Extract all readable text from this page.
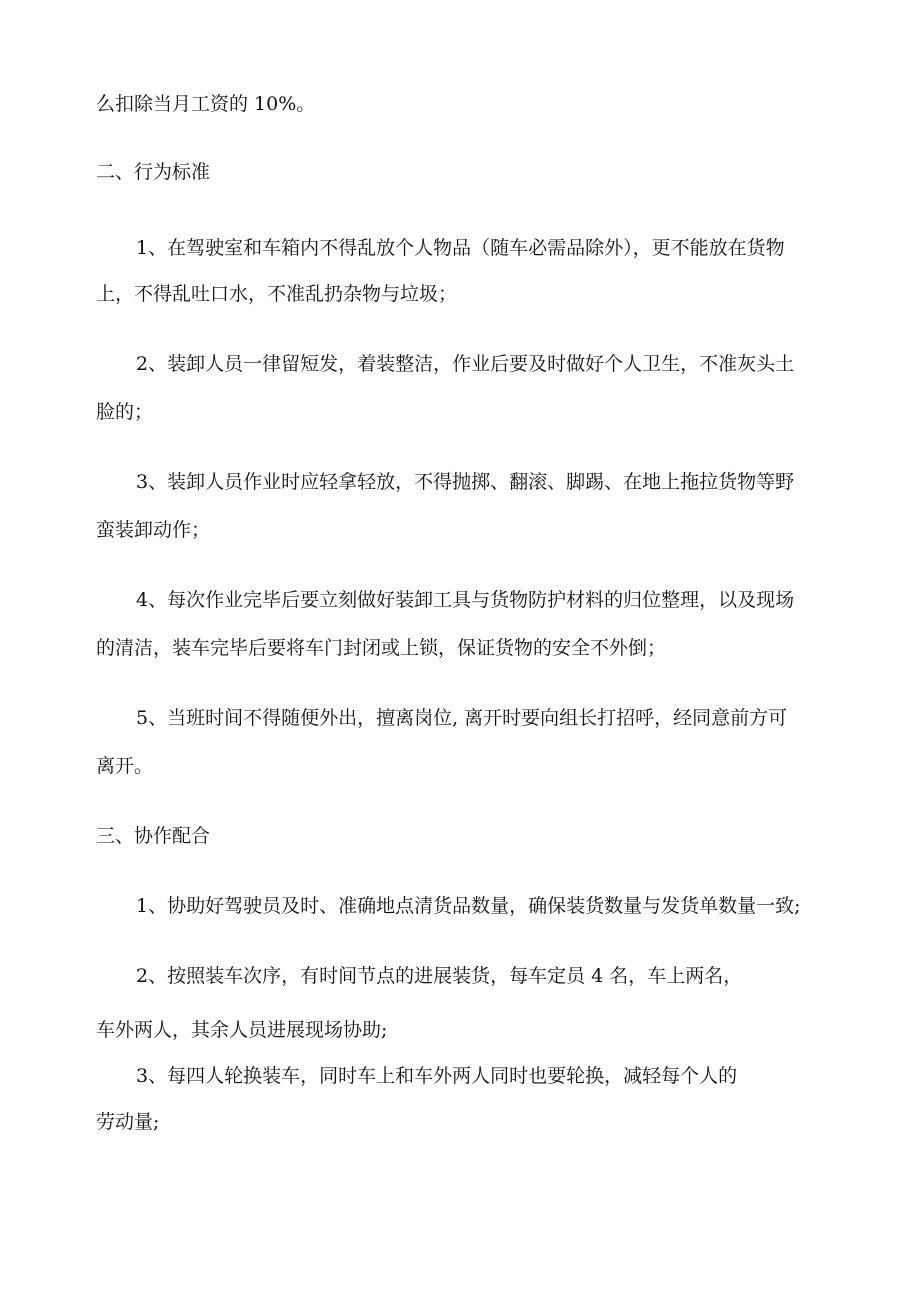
么扣除当月工资的 10%。

二、行为标准

1、在驾驶室和车箱内不得乱放个人物品（随车必需品除外），更不能放在货物

上，不得乱吐口水，不准乱扔杂物与垃圾；

2、装卸人员一律留短发，着装整洁，作业后要及时做好个人卫生，不准灰头土

脸的；

3、装卸人员作业时应轻拿轻放，不得抛掷、翻滚、脚踢、在地上拖拉货物等野

蛮装卸动作；

4、每次作业完毕后要立刻做好装卸工具与货物防护材料的归位整理，以及现场

的清洁，装车完毕后要将车门封闭或上锁，保证货物的安全不外倒；

5、当班时间不得随便外出，擅离岗位, 离开时要向组长打招呼，经同意前方可

离开。

三、协作配合

1、协助好驾驶员及时、准确地点清货品数量，确保装货数量与发货单数量一致;

2、按照装车次序，有时间节点的进展装货，每车定员 4 名，车上两名，

车外两人，其余人员进展现场协助;

3、每四人轮换装车，同时车上和车外两人同时也要轮换，减轻每个人的

劳动量;
